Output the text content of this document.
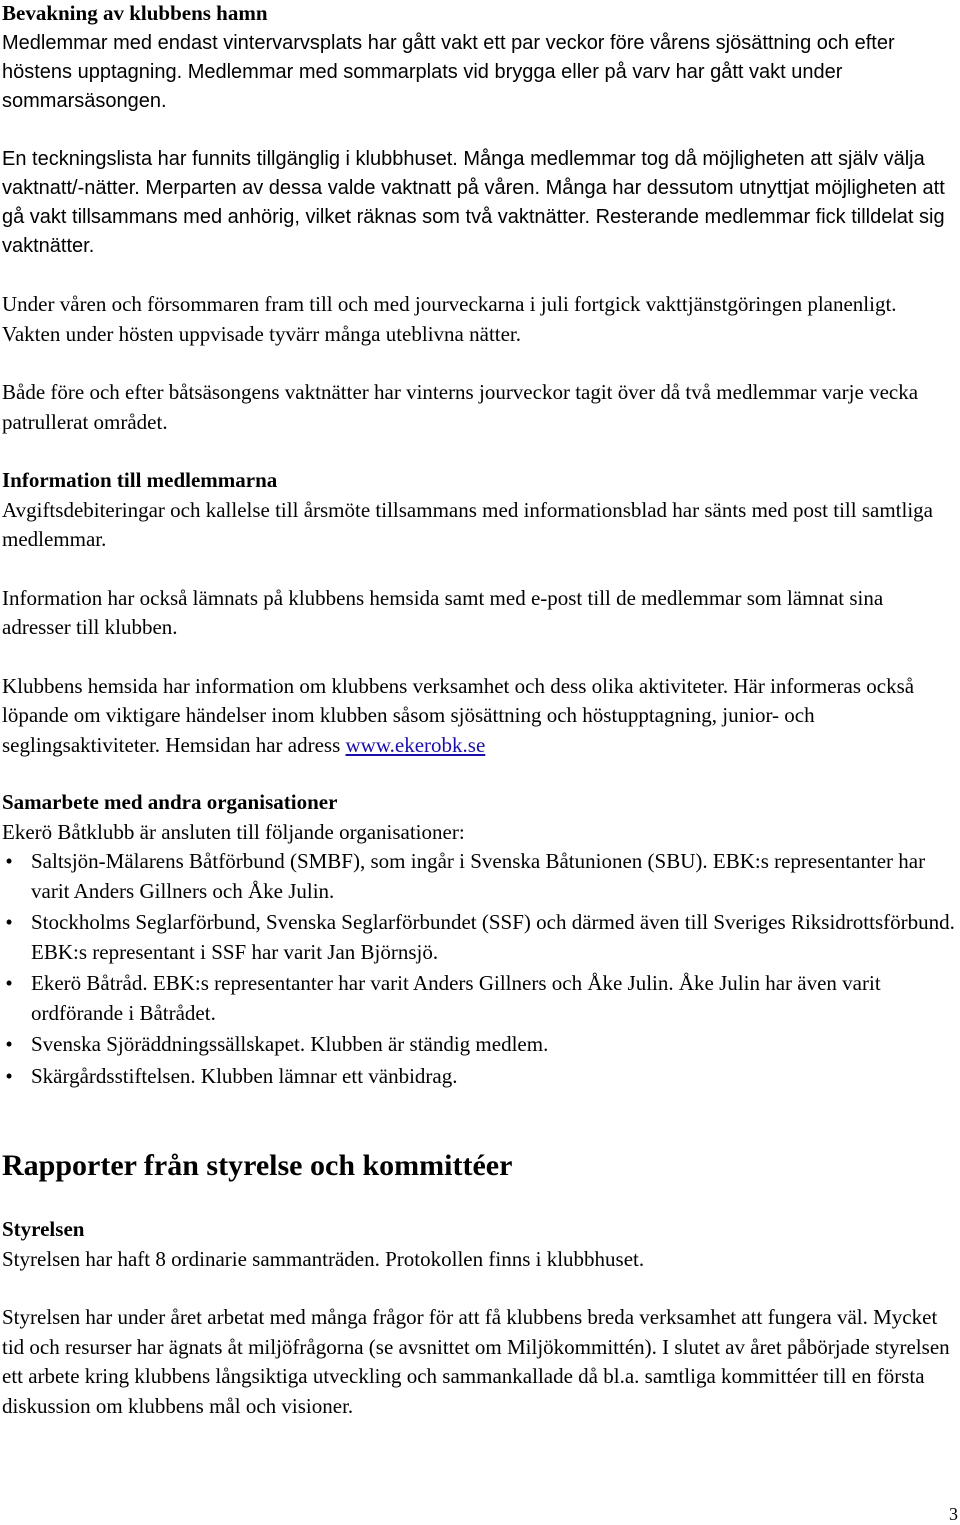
Bevakning av klubbens hamn

Medlemmar med endast vintervarvsplats har gått vakt ett par veckor före vårens sjösättning och efter höstens upptagning. Medlemmar med sommarplats vid brygga eller på varv har gått vakt under sommarsäsongen.

En teckningslista har funnits tillgänglig i klubbhuset. Många medlemmar tog då möjligheten att själv välja vaktnatt/-nätter. Merparten av dessa valde vaktnatt på våren. Många har dessutom utnyttjat möjligheten att gå vakt tillsammans med anhörig, vilket räknas som två vaktnätter. Resterande medlemmar fick tilldelat sig vaktnätter.

Under våren och försommaren fram till och med jourveckarna i juli fortgick vakttjänstgöringen planenligt. Vakten under hösten uppvisade tyvärr många uteblivna nätter.

Både före och efter båtsäsongens vaktnätter har vinterns jourveckor tagit över då två medlemmar varje vecka patrullerat området.

Information till medlemmarna

Avgiftsdebiteringar och kallelse till årsmöte tillsammans med informationsblad har sänts med post till samtliga medlemmar.

Information har också lämnats på klubbens hemsida samt med e-post till de medlemmar som lämnat sina adresser till klubben.

Klubbens hemsida har information om klubbens verksamhet och dess olika aktiviteter. Här informeras också löpande om viktigare händelser inom klubben såsom sjösättning och höstupptagning, junior- och seglingsaktiviteter. Hemsidan har adress www.ekerobk.se

Samarbete med andra organisationer

Ekerö Båtklubb är ansluten till följande organisationer:

• Saltsjön-Mälarens Båtförbund (SMBF), som ingår i Svenska Båtunionen (SBU). EBK:s representanter har varit Anders Gillners och Åke Julin.
• Stockholms Seglarförbund, Svenska Seglarförbundet (SSF) och därmed även till Sveriges Riksidrottsförbund. EBK:s representant i SSF har varit Jan Björnsjö.
• Ekerö Båtråd. EBK:s representanter har varit Anders Gillners och Åke Julin. Åke Julin har även varit ordförande i Båtrådet.
• Svenska Sjöräddningssällskapet. Klubben är ständig medlem.
• Skärgårdsstiftelsen. Klubben lämnar ett vänbidrag.

Rapporter från styrelse och kommittéer

Styrelsen

Styrelsen har haft 8 ordinarie sammanträden. Protokollen finns i klubbhuset.

Styrelsen har under året arbetat med många frågor för att få klubbens breda verksamhet att fungera väl. Mycket tid och resurser har ägnats åt miljöfrågorna (se avsnittet om Miljökommittén). I slutet av året påbörjade styrelsen ett arbete kring klubbens långsiktiga utveckling och sammankallade då bl.a. samtliga kommittéer till en första diskussion om klubbens mål och visioner.

3
